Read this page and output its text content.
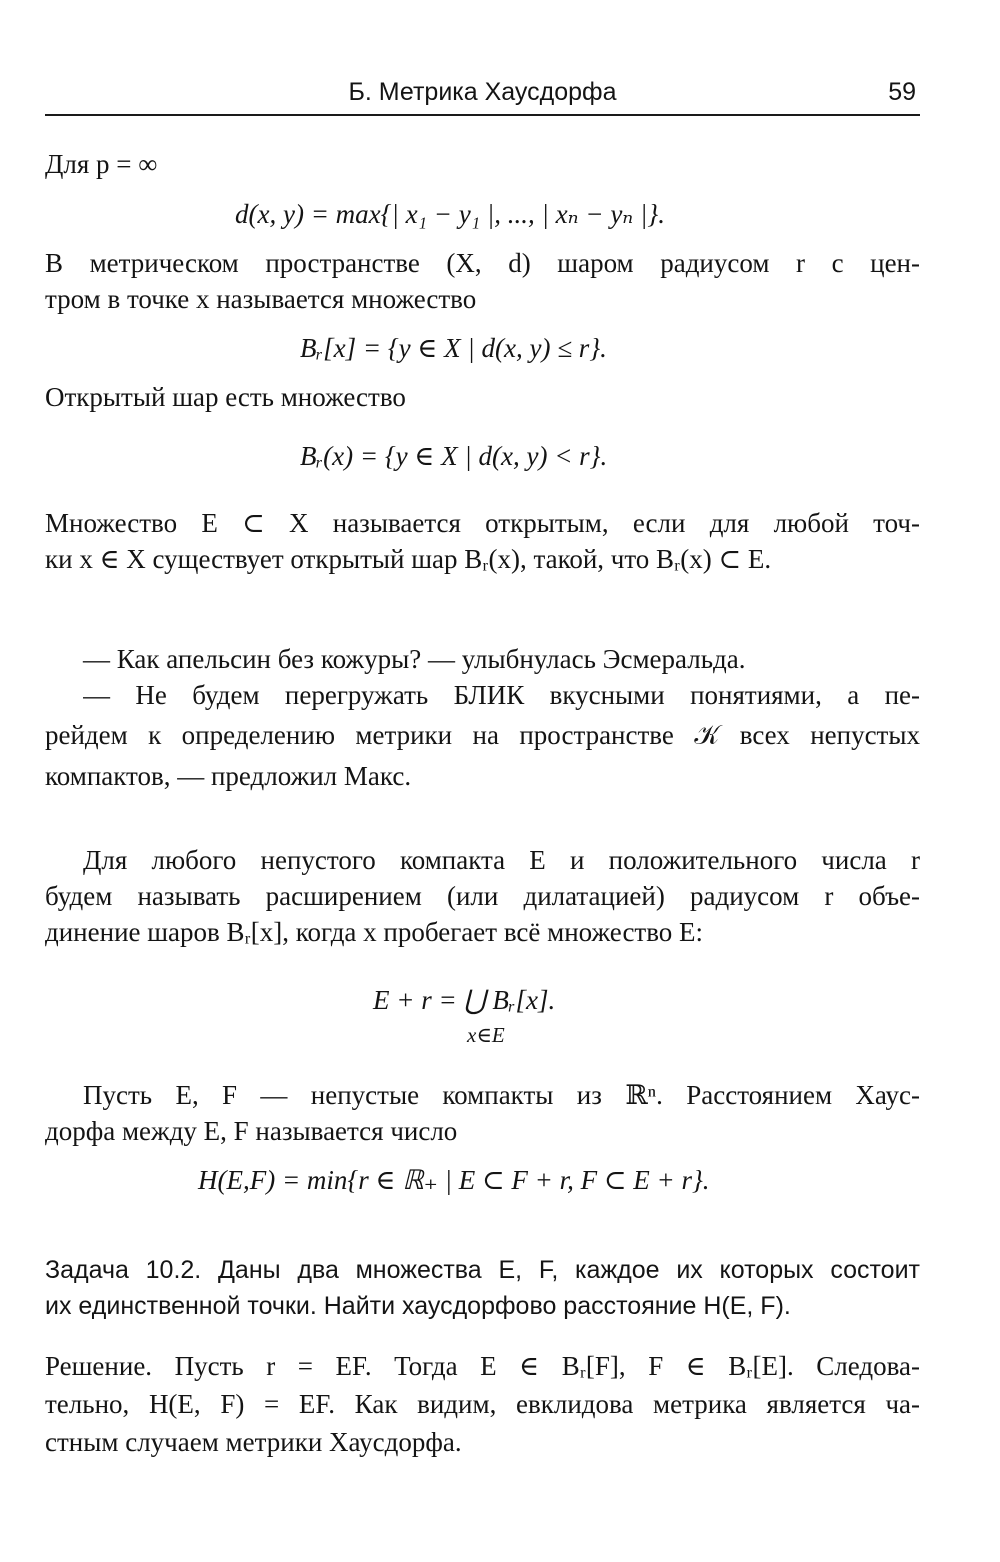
Б. Метрика Хаусдорфа	59
Для p = ∞
d(x, y) = max{| x₁ − y₁ |, ..., | xₙ − yₙ |}.
В метрическом пространстве (X, d) шаром радиусом r с цен-
тром в точке x называется множество
Bᵣ[x] = {y ∈ X | d(x, y) ≤ r}.
Открытый шар есть множество
Bᵣ(x) = {y ∈ X | d(x, y) < r}.
Множество E ⊂ X называется открытым, если для любой точ-
ки x ∈ X существует открытый шар Bᵣ(x), такой, что Bᵣ(x) ⊂ E.
— Как апельсин без кожуры? — улыбнулась Эсмеральда.
— Не будем перегружать БЛИК вкусными понятиями, а пе-
рейдем к определению метрики на пространстве 𝒦 всех непустых
компактов, — предложил Макс.
Для любого непустого компакта E и положительного числа r
будем называть расширением (или дилатацией) радиусом r объе-
динение шаров Bᵣ[x], когда x пробегает всё множество E:
E + r = ⋃ Bᵣ[x].
x∈E
Пусть E, F — непустые компакты из ℝⁿ. Расстоянием Хаус-
дорфа между E, F называется число
H(E,F) = min{r ∈ ℝ₊ | E ⊂ F + r, F ⊂ E + r}.
Задача 10.2. Даны два множества E, F, каждое их которых состоит
их единственной точки. Найти хаусдорфово расстояние H(E, F).
Решение. Пусть r = EF. Тогда E ∈ Bᵣ[F], F ∈ Bᵣ[E]. Следова-
тельно, H(E, F) = EF. Как видим, евклидова метрика является ча-
стным случаем метрики Хаусдорфа.
